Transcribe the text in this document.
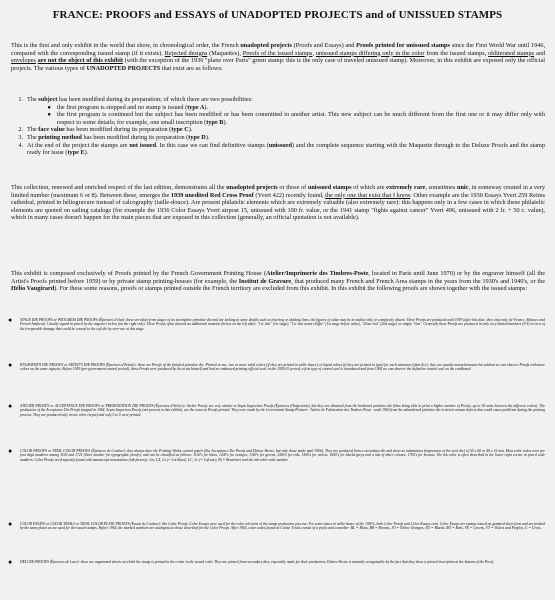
FRANCE: PROOFS and ESSAYS of UNADOPTED PROJECTS and of UNISSUED STAMPS

This is the first and only exhibit in the world that show, in chronological order, the French unadopted projects (Proofs and Essays) and Proofs printed for unissued stamps since the First World War until 1946, compared with the corresponding issued stamp (if it exists). Rejected designs (Maquettes), Proofs of the issued stamps, unissued stamps differing only in the color from the issued stamps, obliterated stamps and envelopes are not the object of this exhibit (with the exception of the 1936 "plane over Paris" green stamp: this is the only case of traveled unissued stamp). Moreover, in this exhibit are exposed only the official projects. The various types of UNADOPTED PROJECTS that exist are as follows:

1. The subject has been modified during its preparation; of which there are two possibilities:
● the first program is stopped and no stamp is issued (type A).
● the first program is continued but the subject has been modified or has been committed to another artist. This new subject can be much different from the first one or it may differ only with respect to some details; for example, one small inscription (type B).
2. The face value has been modified during its preparation (type C).
3. The printing method has been modified during its preparation (type D).
4. At the end of the project the stamps are not issued. In this case we can find definitive stamps (unissued) and the complete sequence starting with the Maquette through to the Deluxe Proofs and the stamp ready for issue (type E).

This collection, renewed and enriched respect of the last edition, demonstrates all the unadopted projects or those of unissued stamps of which are extremely rare, sometimes unic, in someway created in a very limited number (maximum 6 or 8). Between these, emerges the 1939 unedited Red Cross Proof (Yvert 422) recently found, the only one that exist that I know. Other example are the 1930 Essays Yvert 259 Reims cathedral, printed in héliogravure instead of calcography (taille-douce). Are present philatelic elements which are extremely valuable (also extremely rare): this happens only in a few cases in which these philatelic elements are quoted on sailing catalogs (for example the 1936 Color Essays Yvert airpost 15, unissued with 100 fr. value, or the 1941 stamp "fights against cancer" Yvert 496, unissued with 2 fr. + 50 c. value), which in many cases doesn't happen for the main pieces that are exposed in this collection (generally, an official quotation is not available).

This exhibit is composed exclusively of Proofs printed by the French Government Printing House (Atelier/Imprimerie des Timbres-Poste, located in Paris until June 1970) or by the engraver himself (all the Artist's Proofs printed before 1959) or by private stamp printing-houses (for example, the Institut de Gravure, that produced many French and French Area stamps in the years from the 1930's and 1940's, or the Hélio Vaugirard). For these some reasons, proofs or stamps printed outside the French territory are excluded from this exhibit. In this exhibit the following proofs are shown together with the issued stamps:

●	STAGE DIE PROOFS or PROGRESS DIE PROOFS (Épreuves d'état): these are taken from stages of an incomplete primitive die and are lacking in some details such as lettering or shading lines; the figures of value may be in outline only or completely absent. These Proofs are produced until 1959 (after this date, they exist only for France, Monaco and French Andorra). Usually signed in pencil by the engraver below (on the right side). These Proofs often showed an additional notation (below on the left side): "1er état" (1st stage), "1er état avant chiffre" (1st stage before value), "2ème état" (2nd stage) or simply "état". Generally these Proofs are produced in only very limited numbers (3-5) in view of the irreparable damage that could be caused to the soft die by over-use at this stage.
●	ENGRAVER'S DIE PROOFS or ARTIST'S DIE PROOFS (Épreuves d'Artiste): these are Proofs of the finished primitive die. Printed in one, two or more solid colors (if they are printed in taille-douce) or liquid colors (if they are printed in typo) for each emission (often five), they are usually monochromatic but seldom we can observe Proofs with more colors on the same vignette. Before 1959 (pre-government control period), these Proofs were produced by the artist himself and had no embossed printing official seal; in the 1959-63 period, a first type of control seal is introduced and from 1964 we can observe the definitive control seal on the cardboard.
●	ATELIER PROOFS or ACCEPTANCE DIE PROOFS or PRESENTATION DIE PROOFS (Épreuves d'Atelier): Atelier Proofs are very similar to Sepia Inspection Proofs (Épreuves d'Inspection), but they are obtained from the hardened primitive die (thus being able to print a higher number of Proofs, up to 30 units between the different colors). The production of the Acceptance Die Proofs stopped in 1964. Sepia Inspection Proofs (not present in this exhibit), are the scarcest Proofs printed. They were made by the Government Stamp Printers - Atelier de Fabrication des Timbres-Poste - until 1960 from the unhardened primitive die to detect minute defects that could cause problems during the printing process. They are produced only in one color (sepia) and only 3 to 5 were printed.
●	COLOR PROOFS or TRIAL COLOR PROOFS (Épreuves de Couleur): they always have the Printing Works control punch (like Acceptance Die Proofs and Deluxe Sheets, but only those made until 1966). They are produced from a secondary die and show an indentation (impression of the steel die) of 55 x 68 or 48 x 32 mm. Most color codes were pre four digit numbers among 1100 and 1721 (three number for typographic proofs), and can be classified as follows: 1100's for blues, 1200's for oranges, 1300's for greens, 1400's for reds, 1500's for violets, 1600's for blacks-greys and a mix of other colours, 1700's for browns. The ink color is often described in the lower right corner in pencil code numbers. Color Proofs are frequently found with manuscript annotations (ink-factory): Lor, LX, Lx (= Lorilleux), LC, Le (= Lefranc), B (= Brancher) and the ink-color-code number.
●	COLOR ESSAYS or COLOR TRIALS or TRIAL COLOR PLATE PROOFS (Essais de Couleur): like Color Proofs, Color Essays were used for the color selection of the stamp production process; For some issues in taille-douce of the 1950's, both Color Proofs and Color Essays exist. Color Essays are stamps issued on gummed sheet form and are printed by the same plates as are used for the issued stamps. Before 1965, the marked numbers are analogous to those described for the Color Proofs. After 1965, color codes found on Colour Trials consist of a prefix and a number: BL = Blues, BR = Browns, JO = Yellow Oranges, NO = Blacks, RO = Reds, VE = Greens, VT = Violets and Purples, G = Greys.
●	DELUXE PROOFS (Épreuves de Luxe): these are ungummed sheets on which the stamp is printed in the center in the issued color. They are printed from secondary dies, especially made for their production; Deluxe Sheets is instantly recognizable by the fact that they show a printed inscription at the bottom of the Proof.
